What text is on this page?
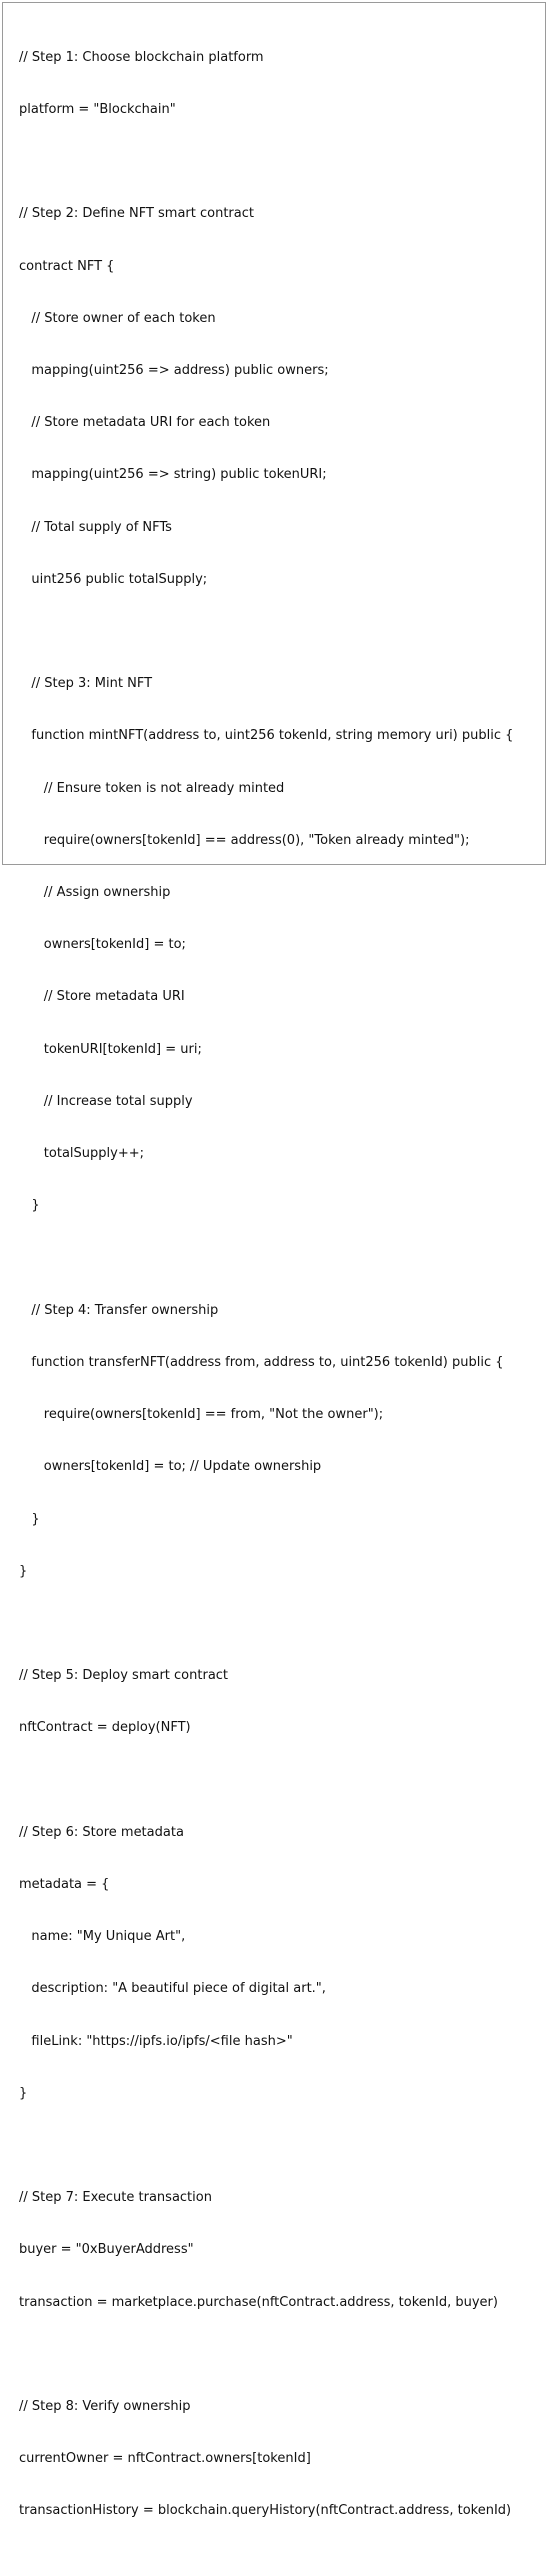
// Step 1: Choose blockchain platform

platform = "Blockchain"

// Step 2: Define NFT smart contract

contract NFT {

// Store owner of each token

mapping(uint256 => address) public owners;

// Store metadata URI for each token

mapping(uint256 => string) public tokenURI;

// Total supply of NFTs

uint256 public totalSupply;

// Step 3: Mint NFT

function mintNFT(address to, uint256 tokenId, string memory uri) public {

// Ensure token is not already minted

require(owners[tokenId] == address(0), "Token already minted");

// Assign ownership

owners[tokenId] = to;

// Store metadata URI

tokenURI[tokenId] = uri;

// Increase total supply

totalSupply++;

}

// Step 4: Transfer ownership

function transferNFT(address from, address to, uint256 tokenId) public {

require(owners[tokenId] == from, "Not the owner");

owners[tokenId] = to; // Update ownership

}

}

// Step 5: Deploy smart contract

nftContract = deploy(NFT)

// Step 6: Store metadata

metadata = {

name: "My Unique Art",

description: "A beautiful piece of digital art.",

fileLink: "https://ipfs.io/ipfs/<file hash>"

}

// Step 7: Execute transaction

buyer = "0xBuyerAddress"

transaction = marketplace.purchase(nftContract.address, tokenId, buyer)

// Step 8: Verify ownership

currentOwner = nftContract.owners[tokenId]

transactionHistory = blockchain.queryHistory(nftContract.address, tokenId)
